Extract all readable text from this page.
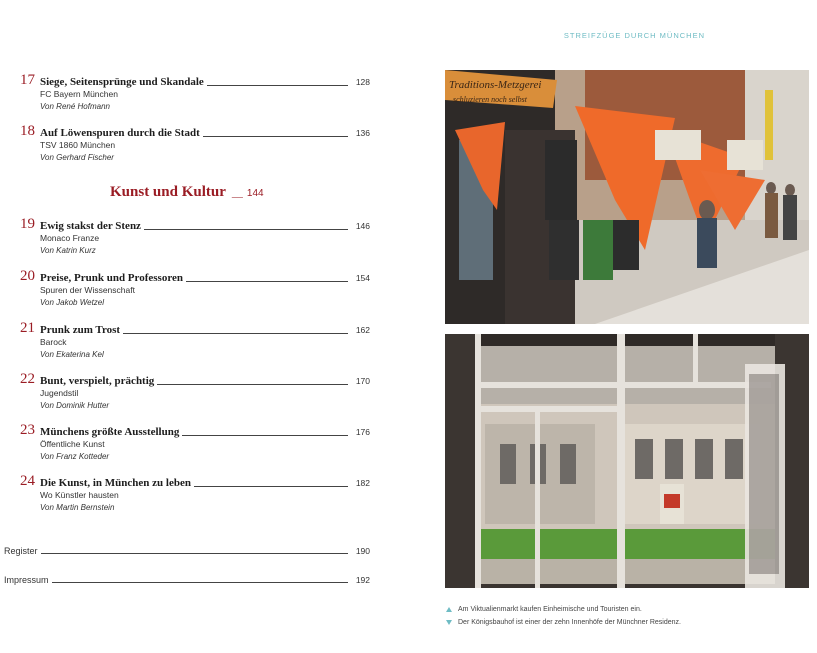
17 Siege, Seitensprünge und Skandale	128
FC Bayern München
Von René Hofmann
18 Auf Löwenspuren durch die Stadt	136
TSV 1860 München
Von Gerhard Fischer
Kunst und Kultur __ 144
19 Ewig stakst der Stenz	146
Monaco Franze
Von Katrin Kurz
20 Preise, Prunk und Professoren	154
Spuren der Wissenschaft
Von Jakob Wetzel
21 Prunk zum Trost	162
Barock
Von Ekaterina Kel
22 Bunt, verspielt, prächtig	170
Jugendstil
Von Dominik Hutter
23 Münchens größte Ausstellung	176
Öffentliche Kunst
Von Franz Kotteder
24 Die Kunst, in München zu leben	182
Wo Künstler hausten
Von Martin Bernstein
Register	190
Impressum	192
STREIFZÜGE DURCH MÜNCHEN
Traditions-Metzgerei
schluzieren noch selbst
Am Viktualienmarkt kaufen Einheimische und Touristen ein.
Der Königsbauhof ist einer der zehn Innenhöfe der Münchner Residenz.
